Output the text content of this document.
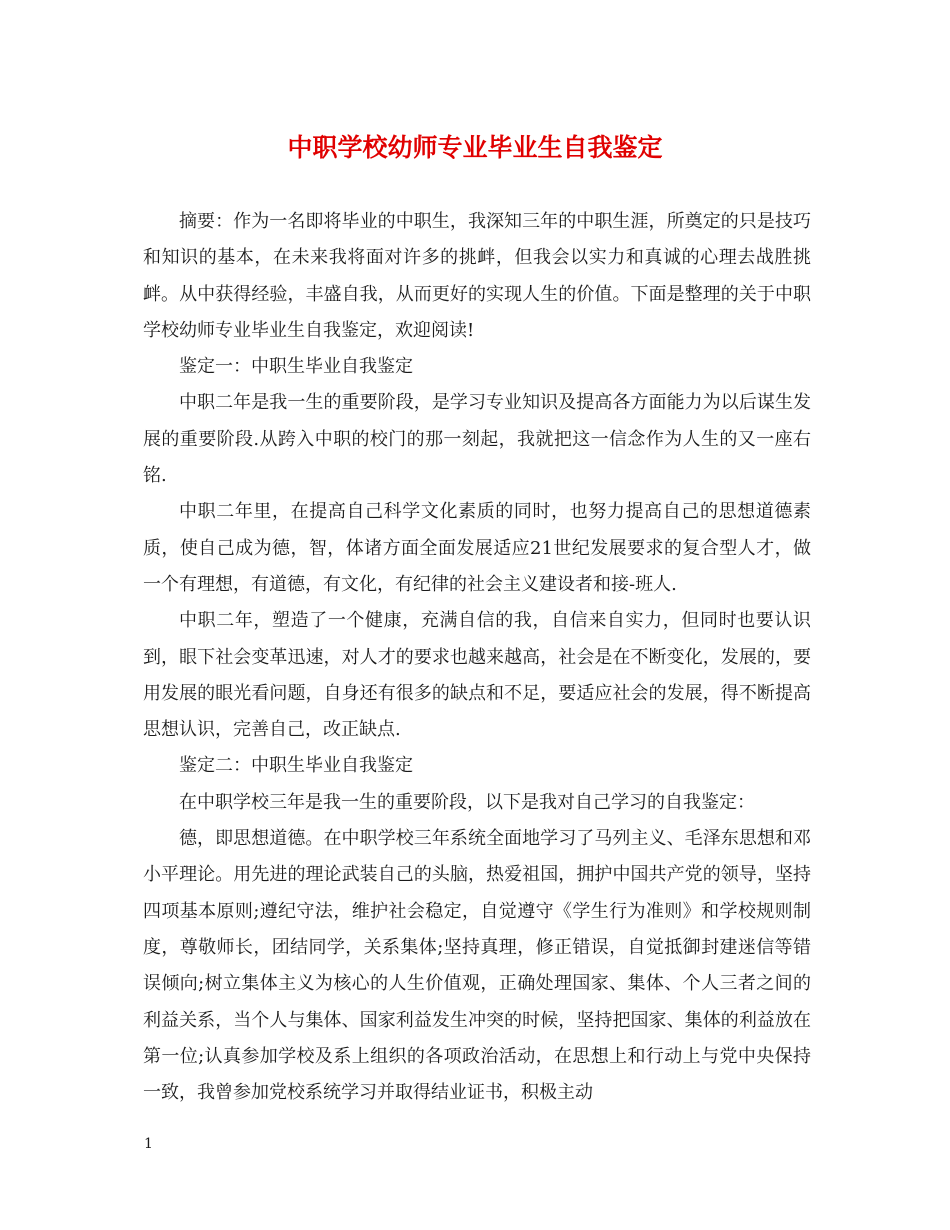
中职学校幼师专业毕业生自我鉴定

摘要：作为一名即将毕业的中职生，我深知三年的中职生涯，所奠定的只是技巧和知识的基本，在未来我将面对许多的挑衅，但我会以实力和真诚的心理去战胜挑衅。从中获得经验，丰盛自我，从而更好的实现人生的价值。下面是整理的关于中职学校幼师专业毕业生自我鉴定，欢迎阅读!

鉴定一：中职生毕业自我鉴定

中职二年是我一生的重要阶段，是学习专业知识及提高各方面能力为以后谋生发展的重要阶段.从跨入中职的校门的那一刻起，我就把这一信念作为人生的又一座右铭.

中职二年里，在提高自己科学文化素质的同时，也努力提高自己的思想道德素质，使自己成为德，智，体诸方面全面发展适应21世纪发展要求的复合型人才，做一个有理想，有道德，有文化，有纪律的社会主义建设者和接-班人.

中职二年，塑造了一个健康，充满自信的我，自信来自实力，但同时也要认识到，眼下社会变革迅速，对人才的要求也越来越高，社会是在不断变化，发展的，要用发展的眼光看问题，自身还有很多的缺点和不足，要适应社会的发展，得不断提高思想认识，完善自己，改正缺点.

鉴定二：中职生毕业自我鉴定

在中职学校三年是我一生的重要阶段，以下是我对自己学习的自我鉴定：

德，即思想道德。在中职学校三年系统全面地学习了马列主义、毛泽东思想和邓小平理论。用先进的理论武装自己的头脑，热爱祖国，拥护中国共产党的领导，坚持四项基本原则;遵纪守法，维护社会稳定，自觉遵守《学生行为准则》和学校规则制度，尊敬师长，团结同学，关系集体;坚持真理，修正错误，自觉抵御封建迷信等错误倾向;树立集体主义为核心的人生价值观，正确处理国家、集体、个人三者之间的利益关系，当个人与集体、国家利益发生冲突的时候，坚持把国家、集体的利益放在第一位;认真参加学校及系上组织的各项政治活动，在思想上和行动上与党中央保持一致，我曾参加党校系统学习并取得结业证书，积极主动

1
